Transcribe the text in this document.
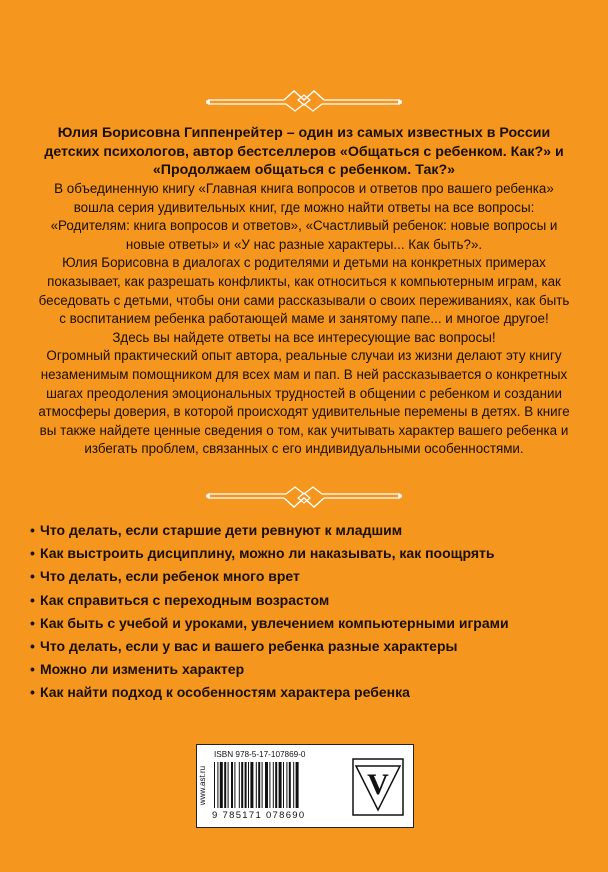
Юлия Борисовна Гиппенрейтер – один из самых известных в России детских психологов, автор бестселлеров «Общаться с ребенком. Как?» и «Продолжаем общаться с ребенком. Так?»

В объединенную книгу «Главная книга вопросов и ответов про вашего ребенка» вошла серия удивительных книг, где можно найти ответы на все вопросы: «Родителям: книга вопросов и ответов», «Счастливый ребенок: новые вопросы и новые ответы» и «У нас разные характеры... Как быть?».

Юлия Борисовна в диалогах с родителями и детьми на конкретных примерах показывает, как разрешать конфликты, как относиться к компьютерным играм, как беседовать с детьми, чтобы они сами рассказывали о своих переживаниях, как быть с воспитанием ребенка работающей маме и занятому папе... и многое другое!

Здесь вы найдете ответы на все интересующие вас вопросы!

Огромный практический опыт автора, реальные случаи из жизни делают эту книгу незаменимым помощником для всех мам и пап. В ней рассказывается о конкретных шагах преодоления эмоциональных трудностей в общении с ребенком и создании атмосферы доверия, в которой происходят удивительные перемены в детях. В книге вы также найдете ценные сведения о том, как учитывать характер вашего ребенка и избегать проблем, связанных с его индивидуальными особенностями.

• Что делать, если старшие дети ревнуют к младшим
• Как выстроить дисциплину, можно ли наказывать, как поощрять
• Что делать, если ребенок много врет
• Как справиться с переходным возрастом
• Как быть с учебой и уроками, увлечением компьютерными играми
• Что делать, если у вас и вашего ребенка разные характеры
• Можно ли изменить характер
• Как найти подход к особенностям характера ребенка
www.ast.ru
ISBN 978-5-17-107869-0
9 785171 078690
V
